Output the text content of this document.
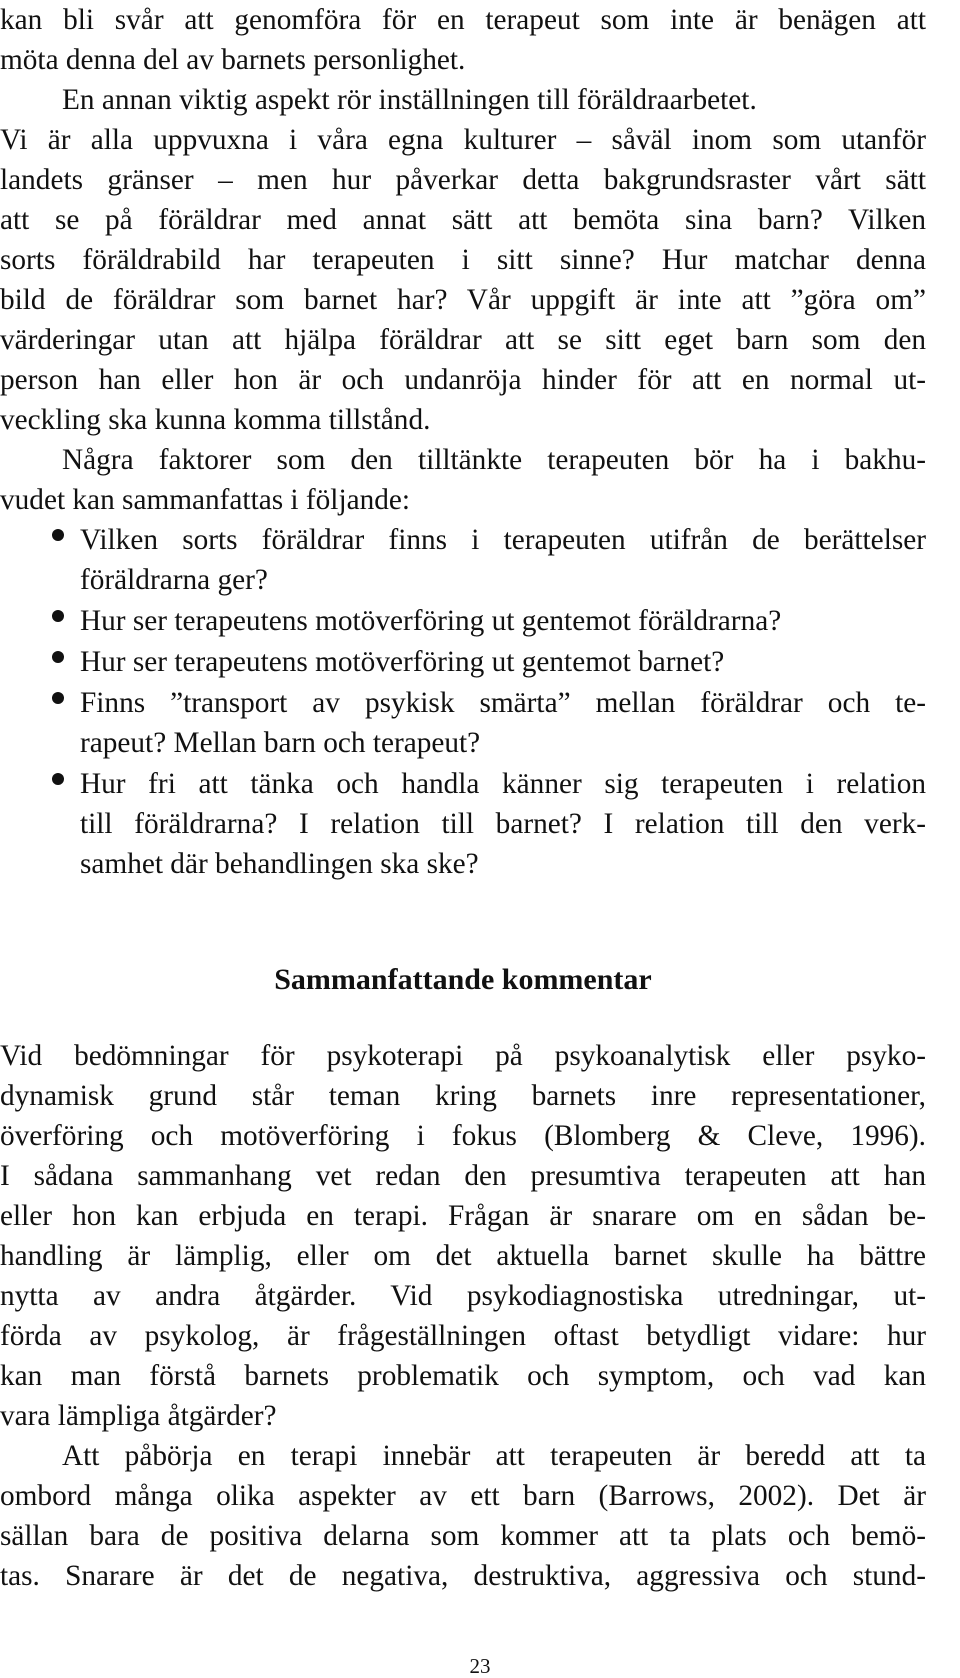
kan bli svår att genomföra för en terapeut som inte är benägen att
möta denna del av barnets personlighet.
En annan viktig aspekt rör inställningen till föräldraarbetet.
Vi är alla uppvuxna i våra egna kulturer – såväl inom som utanför
landets gränser – men hur påverkar detta bakgrundsraster vårt sätt
att se på föräldrar med annat sätt att bemöta sina barn? Vilken
sorts föräldrabild har terapeuten i sitt sinne? Hur matchar denna
bild de föräldrar som barnet har? Vår uppgift är inte att ”göra om”
värderingar utan att hjälpa föräldrar att se sitt eget barn som den
person han eller hon är och undanröja hinder för att en normal ut-
veckling ska kunna komma tillstånd.
Några faktorer som den tilltänkte terapeuten bör ha i bakhu-
vudet kan sammanfattas i följande:
Vilken sorts föräldrar finns i terapeuten utifrån de berättelser
föräldrarna ger?
Hur ser terapeutens motöverföring ut gentemot föräldrarna?
Hur ser terapeutens motöverföring ut gentemot barnet?
Finns ”transport av psykisk smärta” mellan föräldrar och te-
rapeut? Mellan barn och terapeut?
Hur fri att tänka och handla känner sig terapeuten i relation
till föräldrarna? I relation till barnet? I relation till den verk-
samhet där behandlingen ska ske?
Sammanfattande kommentar
Vid bedömningar för psykoterapi på psykoanalytisk eller psyko-
dynamisk grund står teman kring barnets inre representationer,
överföring och motöverföring i fokus (Blomberg & Cleve, 1996).
I sådana sammanhang vet redan den presumtiva terapeuten att han
eller hon kan erbjuda en terapi. Frågan är snarare om en sådan be-
handling är lämplig, eller om det aktuella barnet skulle ha bättre
nytta av andra åtgärder. Vid psykodiagnostiska utredningar, ut-
förda av psykolog, är frågeställningen oftast betydligt vidare: hur
kan man förstå barnets problematik och symptom, och vad kan
vara lämpliga åtgärder?
Att påbörja en terapi innebär att terapeuten är beredd att ta
ombord många olika aspekter av ett barn (Barrows, 2002). Det är
sällan bara de positiva delarna som kommer att ta plats och bemö-
tas. Snarare är det de negativa, destruktiva, aggressiva och stund-
23
